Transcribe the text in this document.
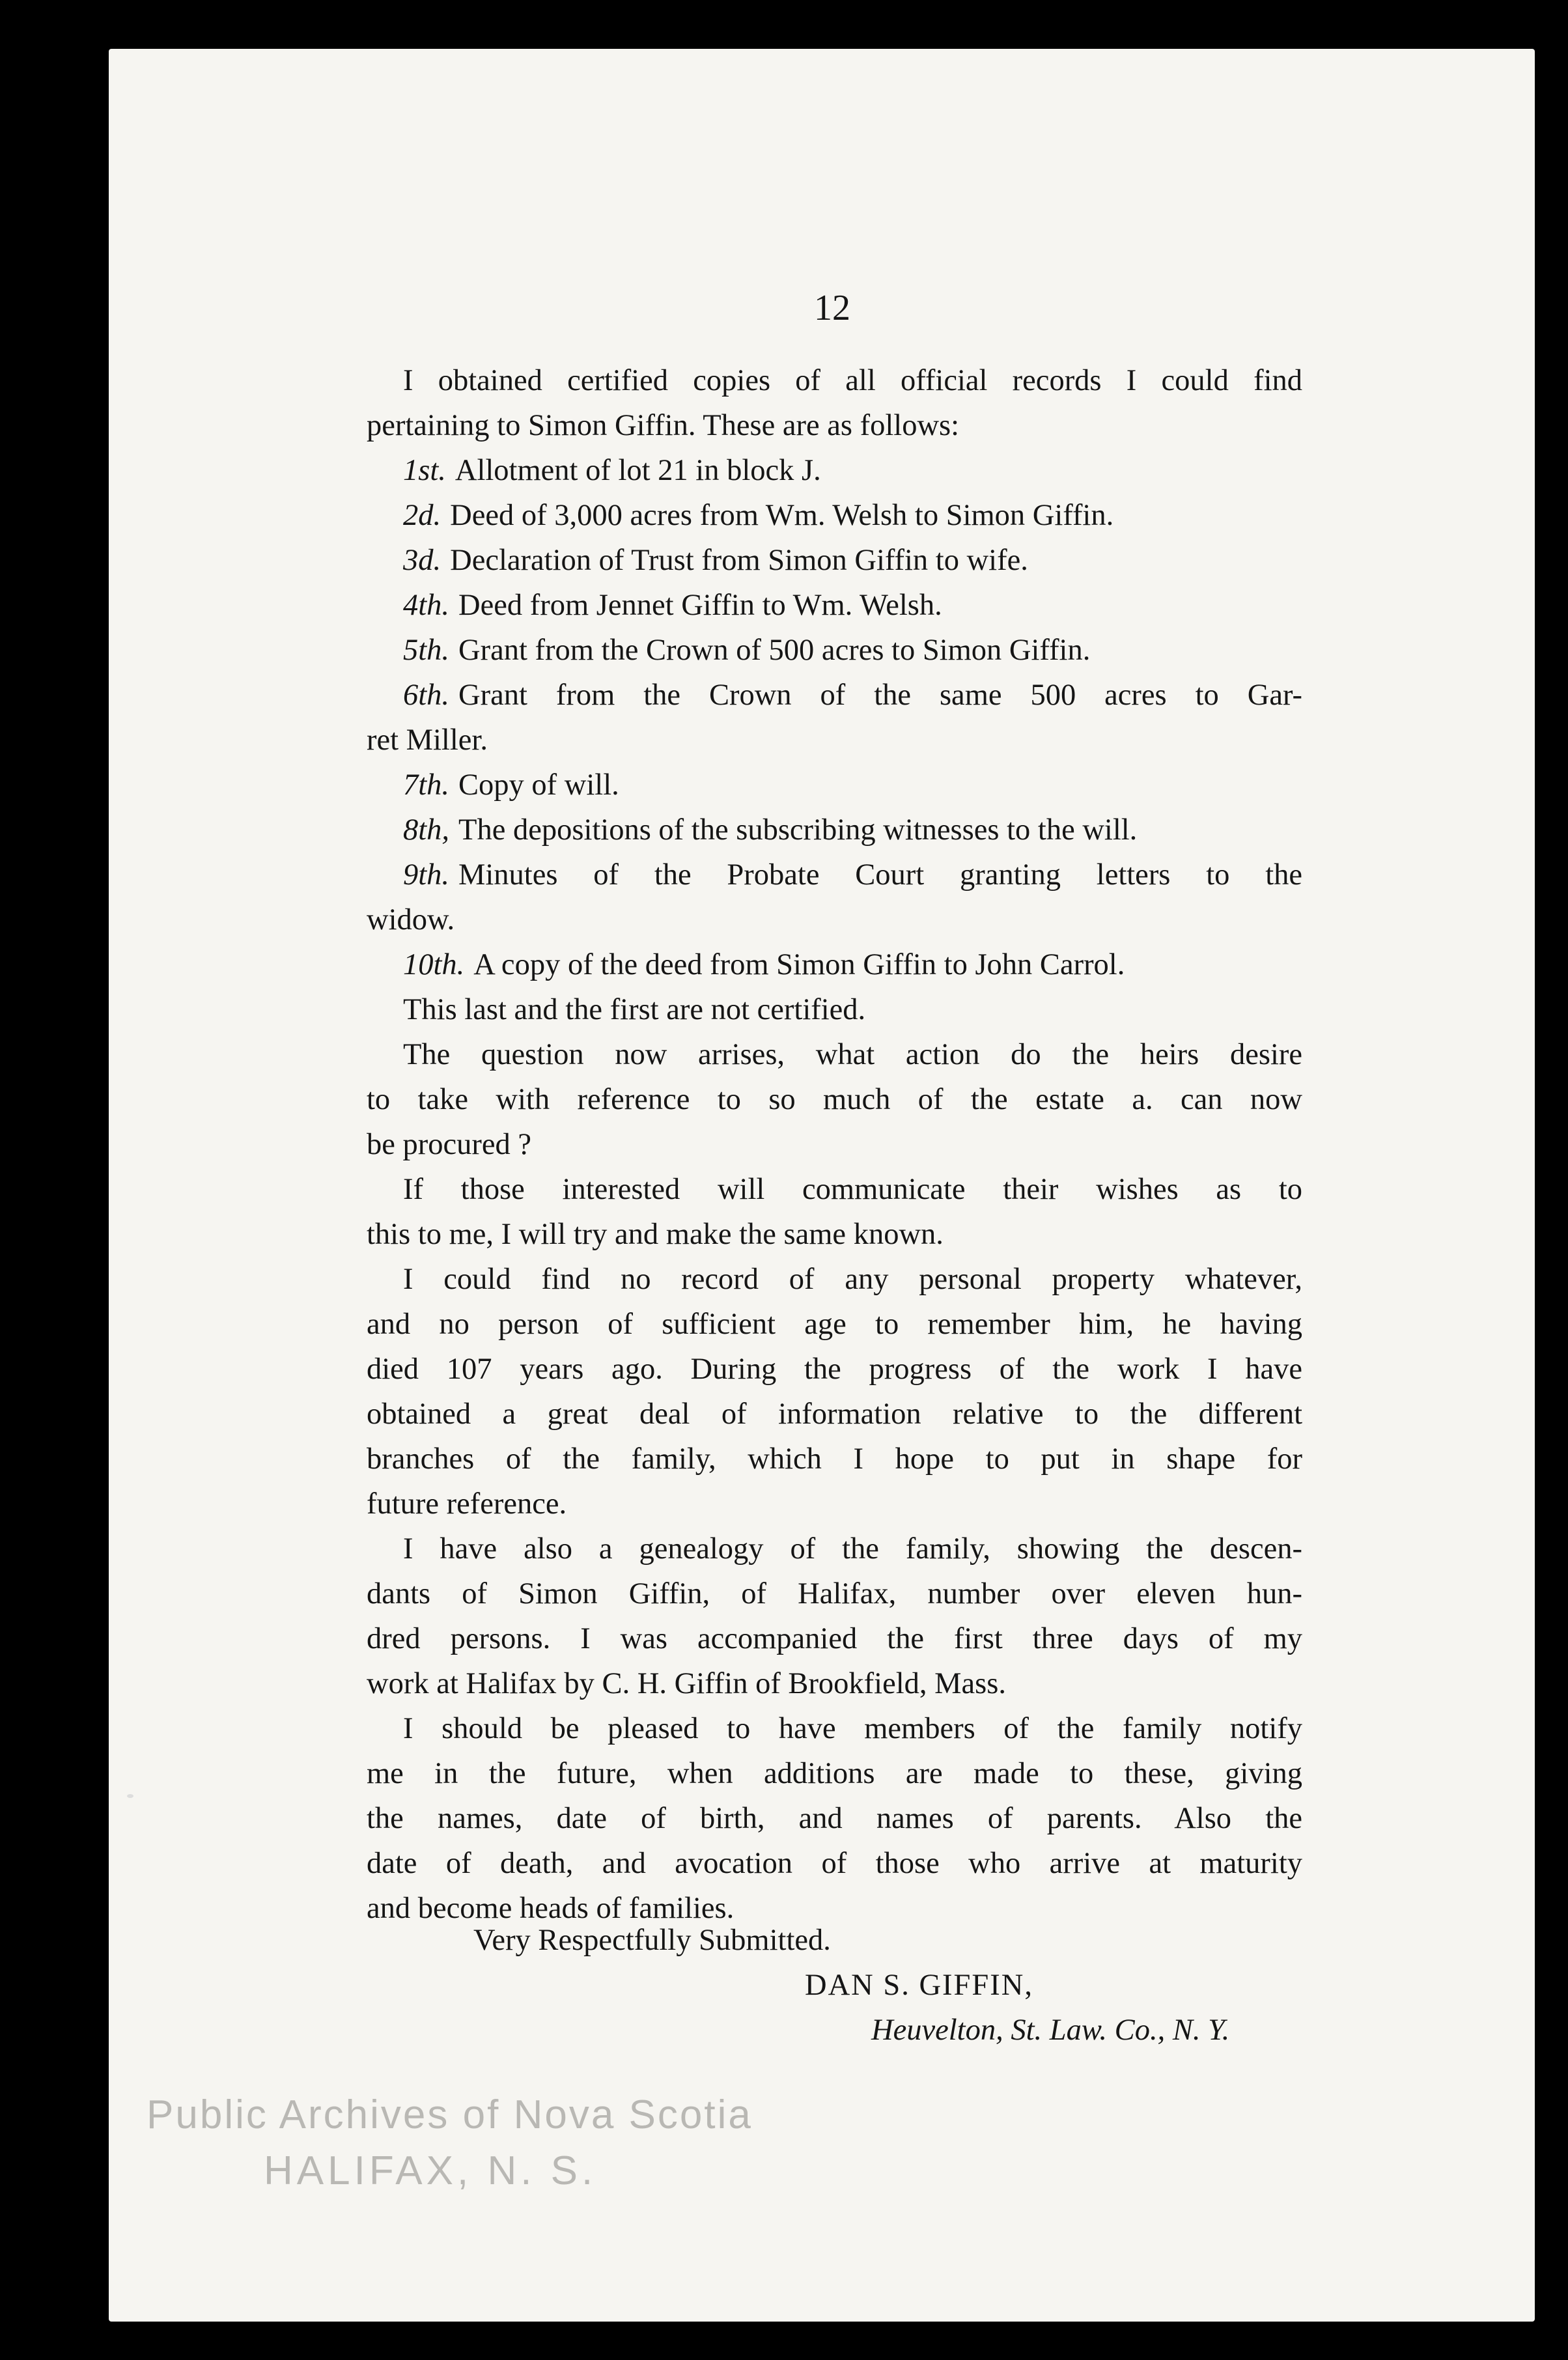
12
I obtained certified copies of all official records I could find
pertaining to Simon Giffin. These are as follows:
1st. Allotment of lot 21 in block J.
2d. Deed of 3,000 acres from Wm. Welsh to Simon Giffin.
3d. Declaration of Trust from Simon Giffin to wife.
4th. Deed from Jennet Giffin to Wm. Welsh.
5th. Grant from the Crown of 500 acres to Simon Giffin.
6th. Grant from the Crown of the same 500 acres to Gar-
ret Miller.
7th. Copy of will.
8th, The depositions of the subscribing witnesses to the will.
9th. Minutes of the Probate Court granting letters to the
widow.
10th. A copy of the deed from Simon Giffin to John Carrol.
This last and the first are not certified.
The question now arrises, what action do the heirs desire
to take with reference to so much of the estate a. can now
be procured ?
If those interested will communicate their wishes as to
this to me, I will try and make the same known.
I could find no record of any personal property whatever,
and no person of sufficient age to remember him, he having
died 107 years ago. During the progress of the work I have
obtained a great deal of information relative to the different
branches of the family, which I hope to put in shape for
future reference.
I have also a genealogy of the family, showing the descen-
dants of Simon Giffin, of Halifax, number over eleven hun-
dred persons. I was accompanied the first three days of my
work at Halifax by C. H. Giffin of Brookfield, Mass.
I should be pleased to have members of the family notify
me in the future, when additions are made to these, giving
the names, date of birth, and names of parents. Also the
date of death, and avocation of those who arrive at maturity
and become heads of families.
Very Respectfully Submitted.
DAN S. GIFFIN,
Heuvelton, St. Law. Co., N. Y.
Public Archives of Nova Scotia
HALIFAX, N. S.
